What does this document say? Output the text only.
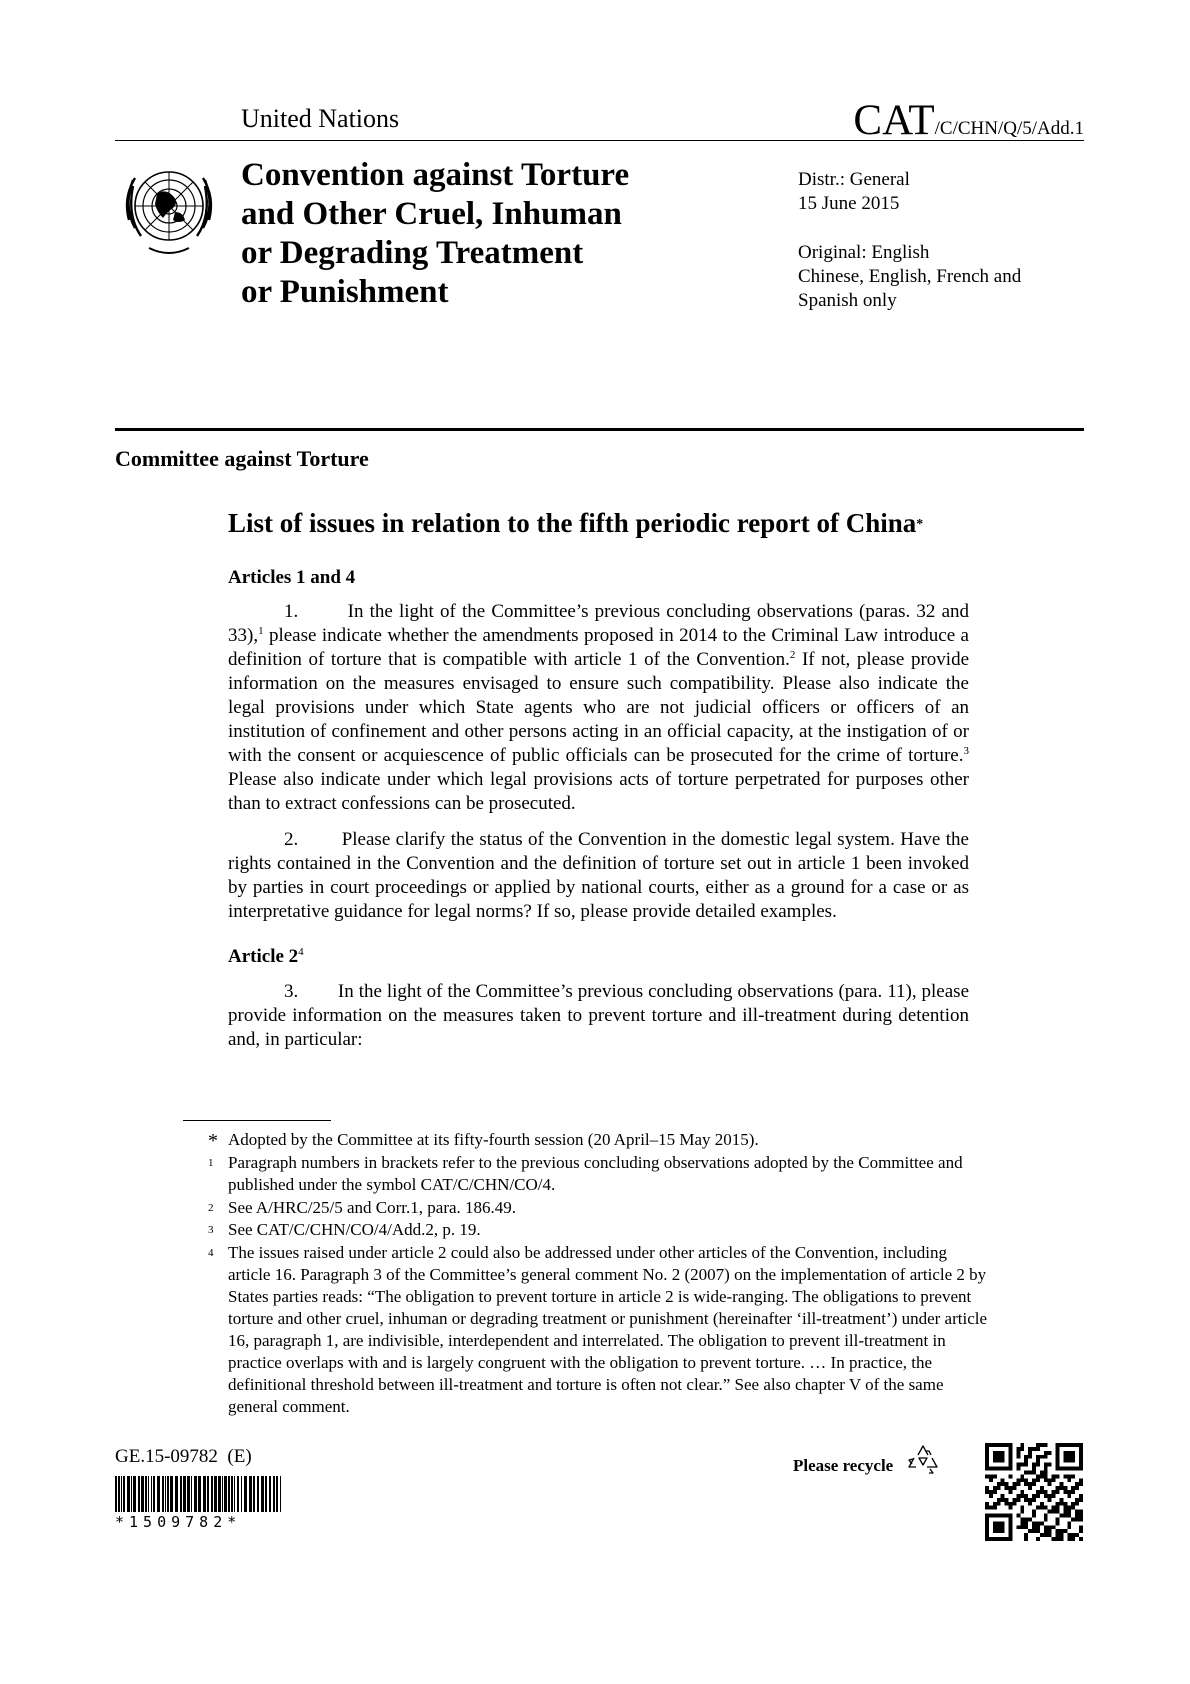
United Nations	CAT/C/CHN/Q/5/Add.1
Convention against Torture
and Other Cruel, Inhuman
or Degrading Treatment
or Punishment
Distr.: General
15 June 2015
Original: English
Chinese, English, French and
Spanish only
Committee against Torture
List of issues in relation to the fifth periodic report of China*
Articles 1 and 4
1.        In the light of the Committee’s previous concluding observations (paras. 32 and 33),$^1$ please indicate whether the amendments proposed in 2014 to the Criminal Law introduce a definition of torture that is compatible with article 1 of the Convention.$^2$ If not, please provide information on the measures envisaged to ensure such compatibility. Please also indicate the legal provisions under which State agents who are not judicial officers or officers of an institution of confinement and other persons acting in an official capacity, at the instigation of or with the consent or acquiescence of public officials can be prosecuted for the crime of torture.$^3$ Please also indicate under which legal provisions acts of torture perpetrated for purposes other than to extract confessions can be prosecuted.
2.        Please clarify the status of the Convention in the domestic legal system. Have the rights contained in the Convention and the definition of torture set out in article 1 been invoked by parties in court proceedings or applied by national courts, either as a ground for a case or as interpretative guidance for legal norms? If so, please provide detailed examples.
Article $2^4$
3.        In the light of the Committee’s previous concluding observations (para. 11), please provide information on the measures taken to prevent torture and ill-treatment during detention and, in particular:
* Adopted by the Committee at its fifty-fourth session (20 April–15 May 2015).
1 Paragraph numbers in brackets refer to the previous concluding observations adopted by the Committee and published under the symbol CAT/C/CHN/CO/4.
2 See A/HRC/25/5 and Corr.1, para. 186.49.
3 See CAT/C/CHN/CO/4/Add.2, p. 19.
4 The issues raised under article 2 could also be addressed under other articles of the Convention, including article 16. Paragraph 3 of the Committee’s general comment No. 2 (2007) on the implementation of article 2 by States parties reads: “The obligation to prevent torture in article 2 is wide-ranging. The obligations to prevent torture and other cruel, inhuman or degrading treatment or punishment (hereinafter ‘ill-treatment’) under article 16, paragraph 1, are indivisible, interdependent and interrelated. The obligation to prevent ill-treatment in practice overlaps with and is largely congruent with the obligation to prevent torture. … In practice, the definitional threshold between ill-treatment and torture is often not clear.” See also chapter V of the same general comment.
GE.15-09782  (E)
*1509782*
Please recycle
